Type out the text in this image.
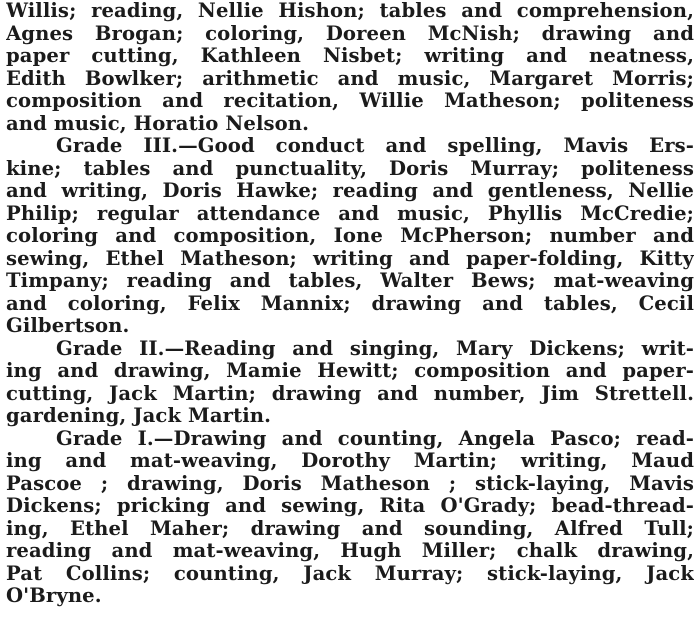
Willis; reading, Nellie Hishon; tables and comprehension,
Agnes Brogan; coloring, Doreen McNish; drawing and
paper cutting, Kathleen Nisbet; writing and neatness,
Edith Bowlker; arithmetic and music, Margaret Morris;
composition and recitation, Willie Matheson; politeness
and music, Horatio Nelson.
Grade III.—Good conduct and spelling, Mavis Ers-
kine; tables and punctuality, Doris Murray; politeness
and writing, Doris Hawke; reading and gentleness, Nellie
Philip; regular attendance and music, Phyllis McCredie;
coloring and composition, Ione McPherson; number and
sewing, Ethel Matheson; writing and paper-folding, Kitty
Timpany; reading and tables, Walter Bews; mat-weaving
and coloring, Felix Mannix; drawing and tables, Cecil
Gilbertson.
Grade II.—Reading and singing, Mary Dickens; writ-
ing and drawing, Mamie Hewitt; composition and paper-
cutting, Jack Martin; drawing and number, Jim Strettell.
gardening, Jack Martin.
Grade I.—Drawing and counting, Angela Pasco; read-
ing and mat-weaving, Dorothy Martin; writing, Maud
Pascoe ; drawing, Doris Matheson ; stick-laying, Mavis
Dickens; pricking and sewing, Rita O'Grady; bead-thread-
ing, Ethel Maher; drawing and sounding, Alfred Tull;
reading and mat-weaving, Hugh Miller; chalk drawing,
Pat Collins; counting, Jack Murray; stick-laying, Jack
O'Bryne.
